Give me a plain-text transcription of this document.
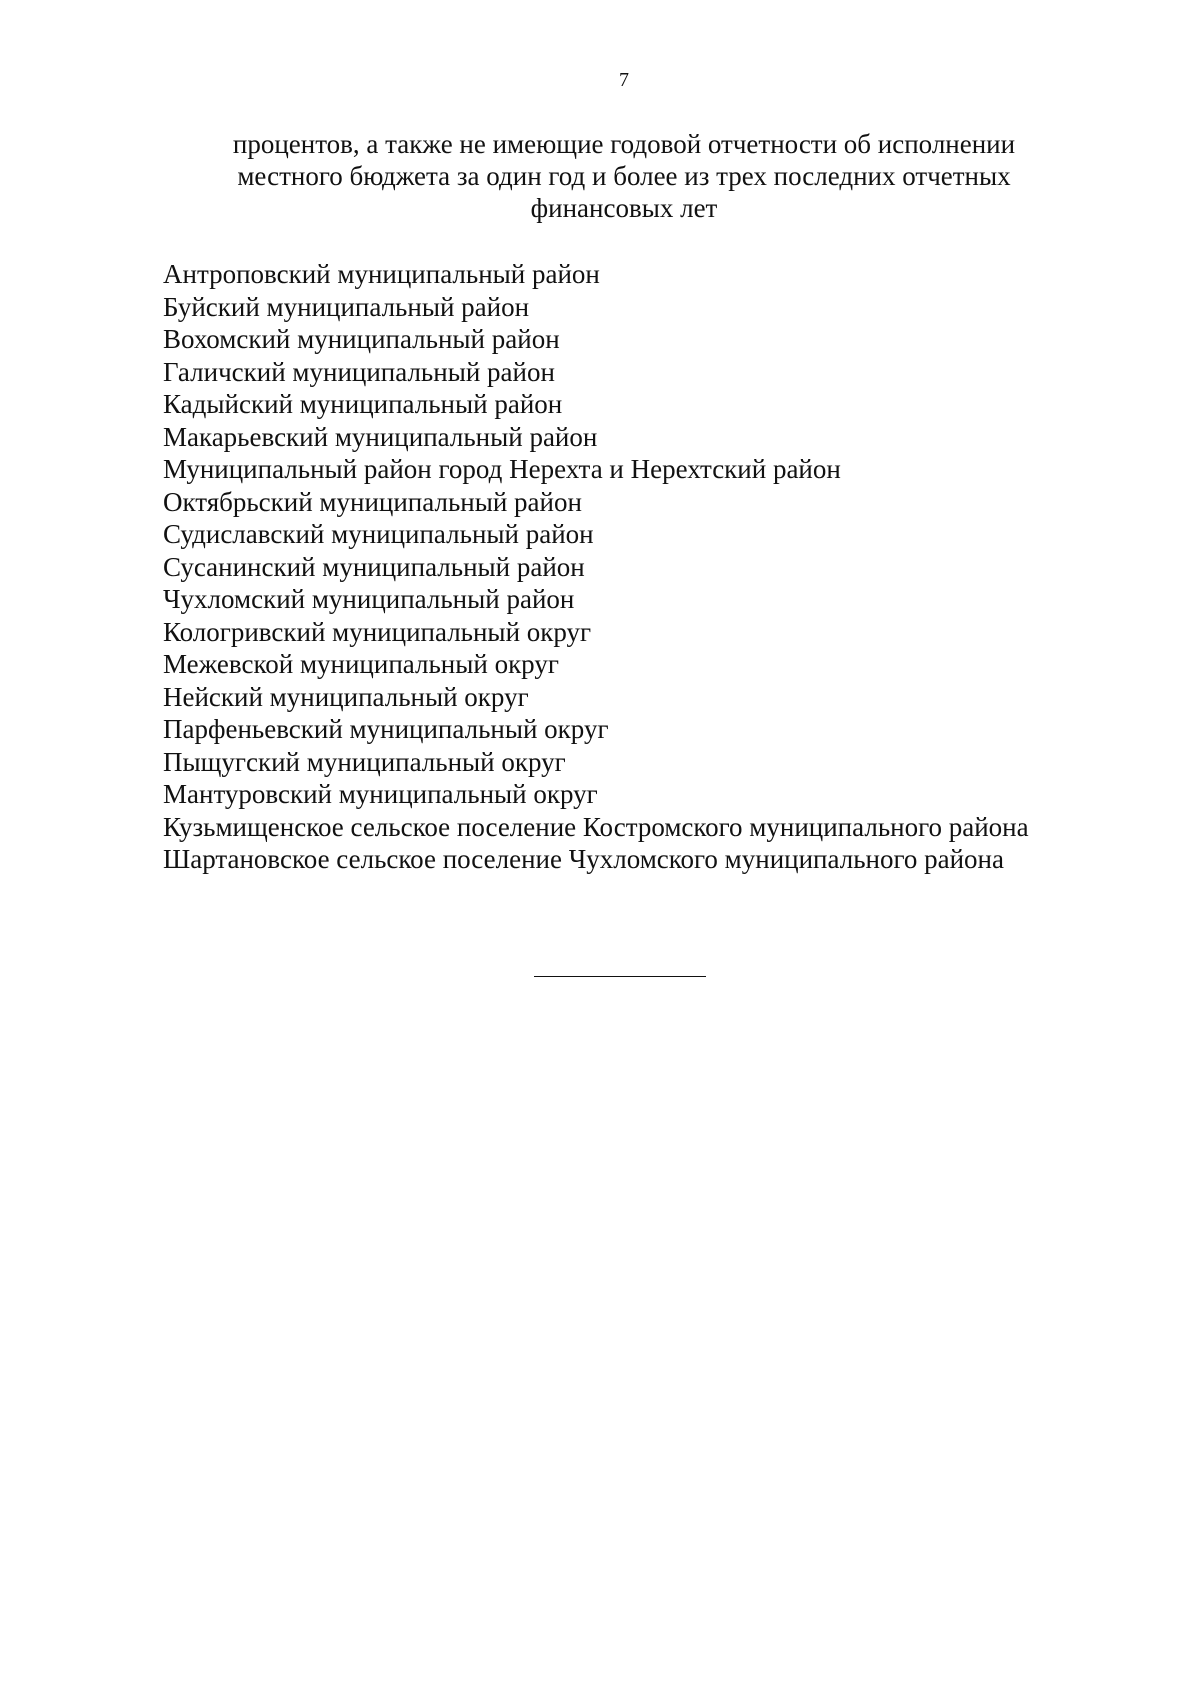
7
процентов, а также не имеющие годовой отчетности об исполнении
местного бюджета за один год и более из трех последних отчетных
финансовых лет
Антроповский муниципальный район
Буйский муниципальный район
Вохомский муниципальный район
Галичский муниципальный район
Кадыйский муниципальный район
Макарьевский муниципальный район
Муниципальный район город Нерехта и Нерехтский район
Октябрьский муниципальный район
Судиславский муниципальный район
Сусанинский муниципальный район
Чухломский муниципальный район
Кологривский муниципальный округ
Межевской муниципальный округ
Нейский муниципальный округ
Парфеньевский муниципальный округ
Пыщугский муниципальный округ
Мантуровский муниципальный округ
Кузьмищенское сельское поселение Костромского муниципального района
Шартановское сельское поселение Чухломского муниципального района
